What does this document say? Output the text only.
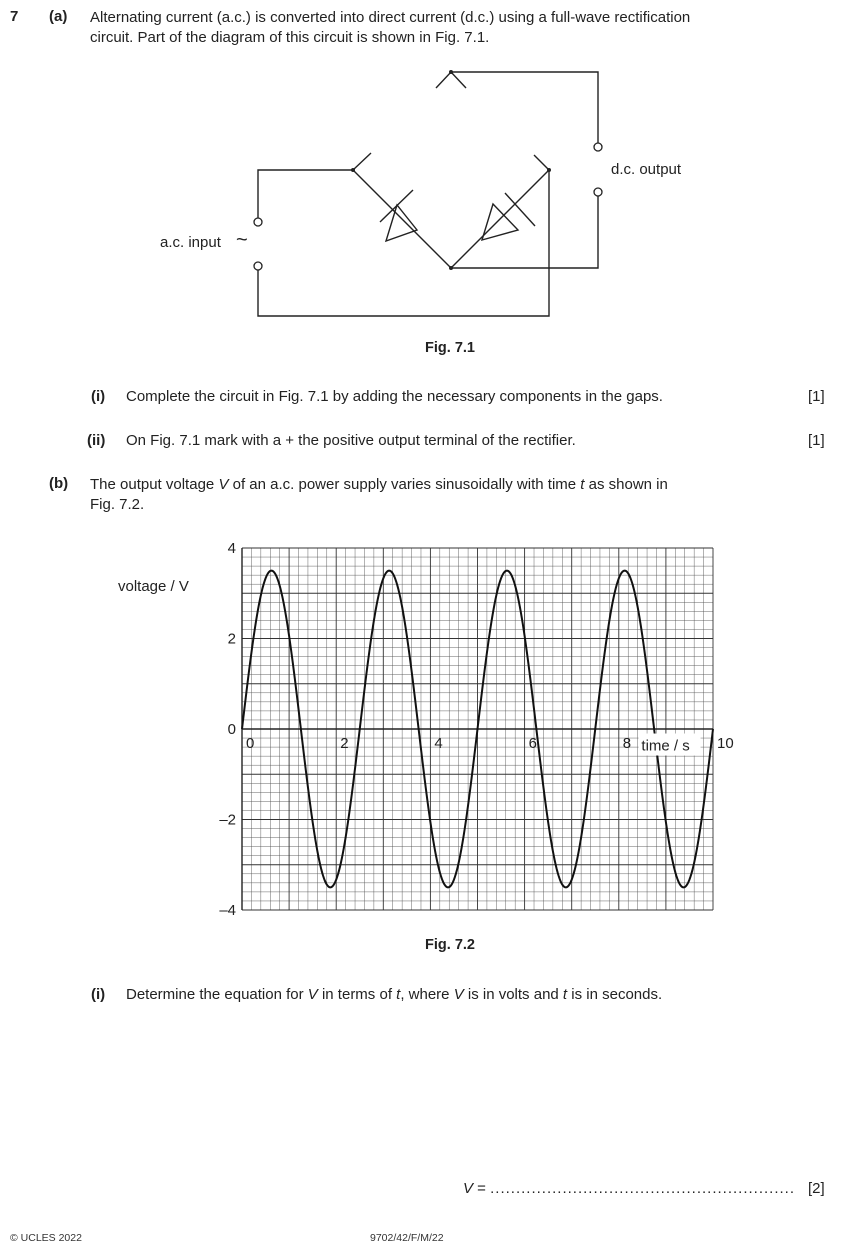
7 (a) Alternating current (a.c.) is converted into direct current (d.c.) using a full-wave rectification
circuit. Part of the diagram of this circuit is shown in Fig. 7.1.
a.c. input ~
d.c. output
Fig. 7.1
(i) Complete the circuit in Fig. 7.1 by adding the necessary components in the gaps.	[1]
(ii) On Fig. 7.1 mark with a + the positive output terminal of the rectifier.	[1]
(b) The output voltage V of an a.c. power supply varies sinusoidally with time t as shown in
Fig. 7.2.
4
2
0
–2
–4
0	2	4	6	8	10
time / s
voltage / V
Fig. 7.2
(i) Determine the equation for V in terms of t, where V is in volts and t is in seconds.
V = ........................................................... [2]
© UCLES 2022	9702/42/F/M/22
